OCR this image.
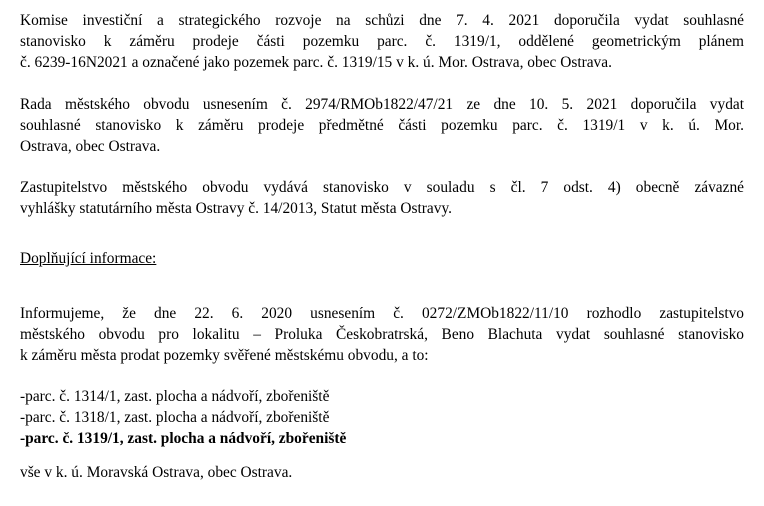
Komise investiční a strategického rozvoje na schůzi dne 7. 4. 2021 doporučila vydat souhlasné
stanovisko k záměru prodeje části pozemku parc. č. 1319/1, oddělené geometrickým plánem
č. 6239-16N2021 a označené jako pozemek parc. č. 1319/15 v k. ú. Mor. Ostrava, obec Ostrava.

Rada městského obvodu usnesením č. 2974/RMOb1822/47/21 ze dne 10. 5. 2021 doporučila vydat
souhlasné stanovisko k záměru prodeje předmětné části pozemku parc. č. 1319/1 v k. ú. Mor.
Ostrava, obec Ostrava.

Zastupitelstvo městského obvodu vydává stanovisko v souladu s čl. 7 odst. 4) obecně závazné
vyhlášky statutárního města Ostravy č. 14/2013, Statut města Ostravy.

Doplňující informace:

Informujeme, že dne 22. 6. 2020 usnesením č. 0272/ZMOb1822/11/10 rozhodlo zastupitelstvo
městského obvodu pro lokalitu – Proluka Českobratrská, Beno Blachuta vydat souhlasné stanovisko
k záměru města prodat pozemky svěřené městskému obvodu, a to:

-parc. č. 1314/1, zast. plocha a nádvoří, zbořeniště
-parc. č. 1318/1, zast. plocha a nádvoří, zbořeniště
-parc. č. 1319/1, zast. plocha a nádvoří, zbořeniště

vše v k. ú. Moravská Ostrava, obec Ostrava.
